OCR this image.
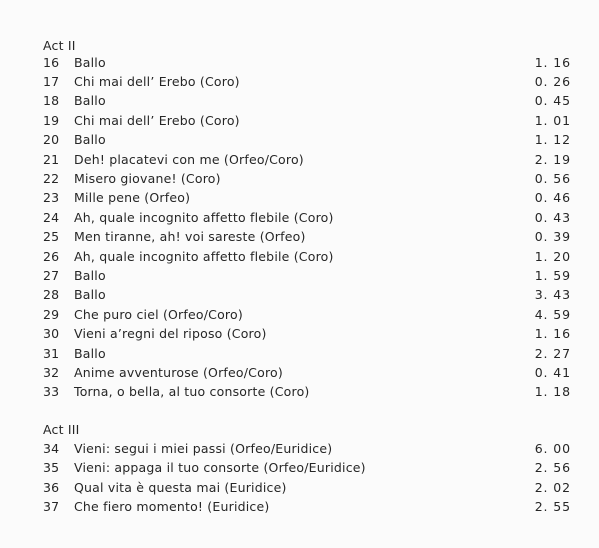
Act II
16 Ballo	1. 16
17 Chi mai dell’ Erebo (Coro)	0. 26
18 Ballo	0. 45
19 Chi mai dell’ Erebo (Coro)	1. 01
20 Ballo	1. 12
21 Deh! placatevi con me (Orfeo/Coro)	2. 19
22 Misero giovane! (Coro)	0. 56
23 Mille pene (Orfeo)	0. 46
24 Ah, quale incognito affetto flebile (Coro)	0. 43
25 Men tiranne, ah! voi sareste (Orfeo)	0. 39
26 Ah, quale incognito affetto flebile (Coro)	1. 20
27 Ballo	1. 59
28 Ballo	3. 43
29 Che puro ciel (Orfeo/Coro)	4. 59
30 Vieni a’regni del riposo (Coro)	1. 16
31 Ballo	2. 27
32 Anime avventurose (Orfeo/Coro)	0. 41
33 Torna, o bella, al tuo consorte (Coro)	1. 18
Act III
34 Vieni: segui i miei passi (Orfeo/Euridice)	6. 00
35 Vieni: appaga il tuo consorte (Orfeo/Euridice)	2. 56
36 Qual vita è questa mai (Euridice)	2. 02
37 Che fiero momento! (Euridice)	2. 55
